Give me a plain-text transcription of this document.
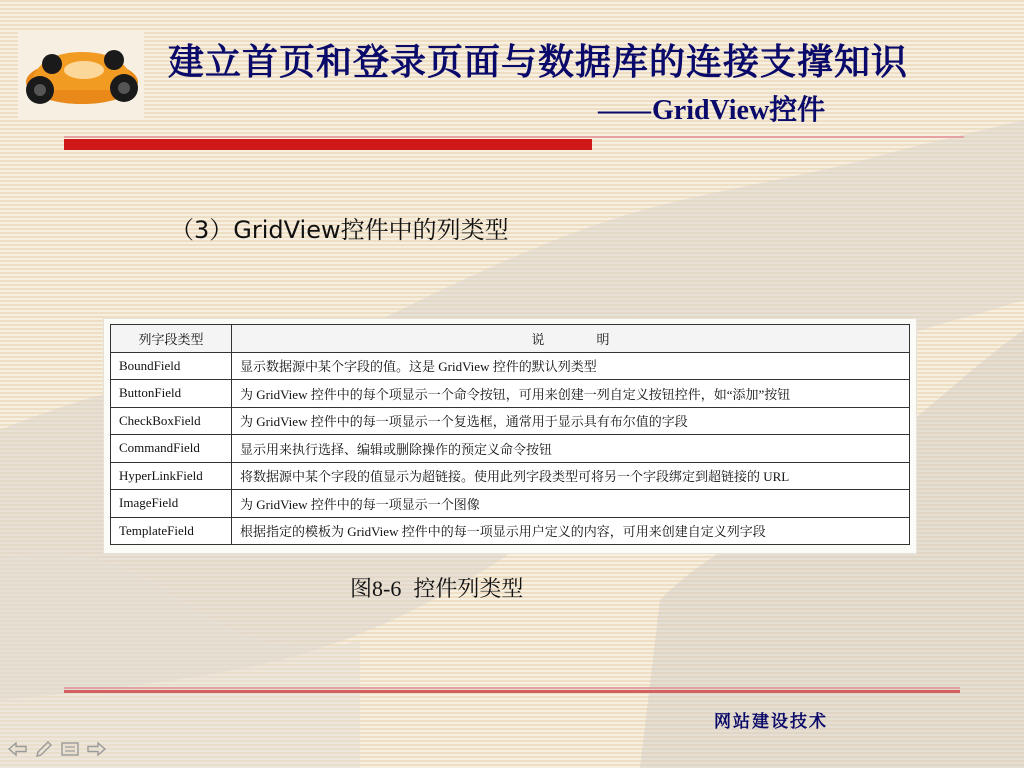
建立首页和登录页面与数据库的连接支撑知识
—— GridView控件
（3）GridView控件中的列类型
列字段类型	说 明
BoundField	显示数据源中某个字段的值。这是 GridView 控件的默认列类型
ButtonField	为 GridView 控件中的每个项显示一个命令按钮，可用来创建一列自定义按钮控件，如“添加”按钮
CheckBoxField	为 GridView 控件中的每一项显示一个复选框，通常用于显示具有布尔值的字段
CommandField	显示用来执行选择、编辑或删除操作的预定义命令按钮
HyperLinkField	将数据源中某个字段的值显示为超链接。使用此列字段类型可将另一个字段绑定到超链接的 URL
ImageField	为 GridView 控件中的每一项显示一个图像
TemplateField	根据指定的模板为 GridView 控件中的每一项显示用户定义的内容，可用来创建自定义列字段
图8-6 控件列类型
网站建设技术
